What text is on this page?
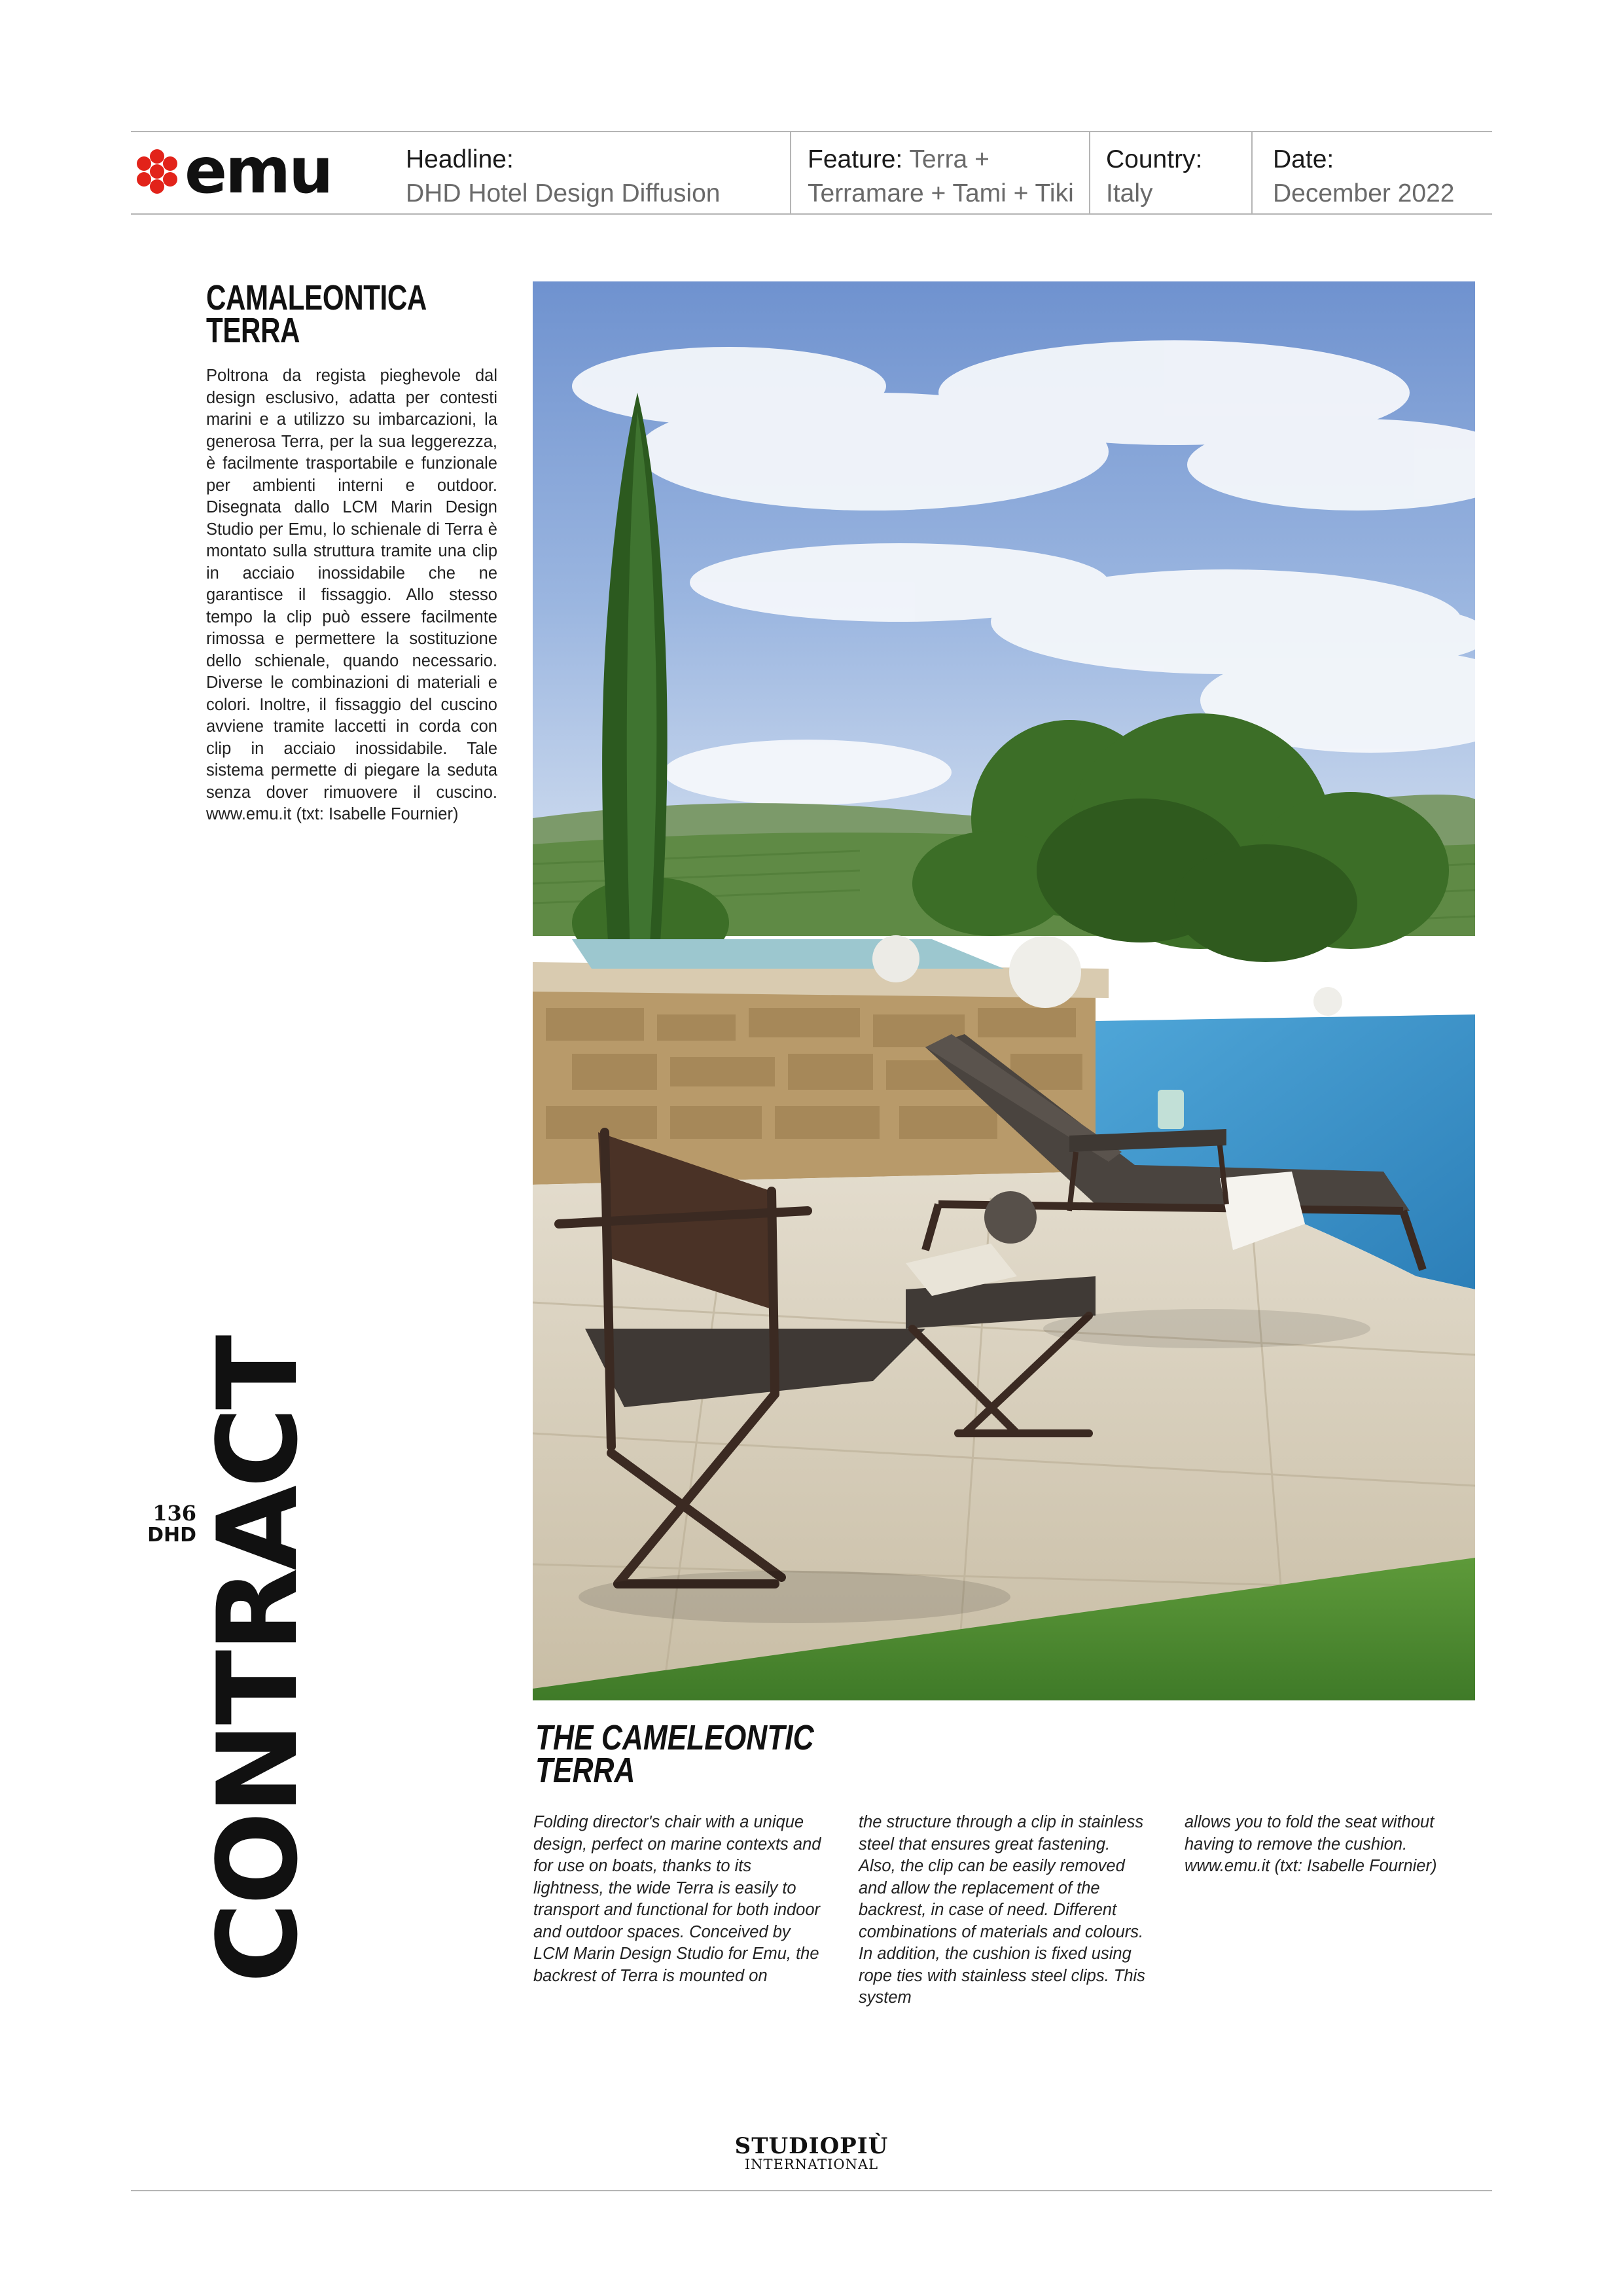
emu	Headline:
DHD Hotel Design Diffusion
Feature: Terra +
Terramare + Tami + Tiki
Country:
Italy
Date:
December 2022
CAMALEONTICA
TERRA
Poltrona da regista pieghevole dal design esclusivo, adatta per contesti marini e a utilizzo su imbarcazioni, la generosa Terra, per la sua leggerezza, è facilmente trasportabile e funzionale per ambienti interni e outdoor. Disegnata dallo LCM Marin Design Studio per Emu, lo schienale di Terra è montato sulla struttura tramite una clip in acciaio inossidabile che ne garantisce il fissaggio. Allo stesso tempo la clip può essere facilmente rimossa e permettere la sostituzione dello schienale, quando necessario. Diverse le combinazioni di materiali e colori. Inoltre, il fissaggio del cuscino avviene tramite laccetti in corda con clip in acciaio inossidabile. Tale sistema permette di piegare la seduta senza dover rimuovere il cuscino. www.emu.it (txt: Isabelle Fournier)
CONTRACT
136
DHD
THE CAMELEONTIC
TERRA

Folding director's chair with a unique design, perfect on marine contexts and for use on boats, thanks to its lightness, the wide Terra is easily to transport and functional for both indoor and outdoor spaces. Conceived by LCM Marin Design Studio for Emu, the backrest of Terra is mounted on

the structure through a clip in stainless steel that ensures great fastening. Also, the clip can be easily removed and allow the replacement of the backrest, in case of need. Different combinations of materials and colours. In addition, the cushion is fixed using rope ties with stainless steel clips. This system

allows you to fold the seat without having to remove the cushion. www.emu.it (txt: Isabelle Fournier)

STUDIOPIÙ
INTERNATIONAL
